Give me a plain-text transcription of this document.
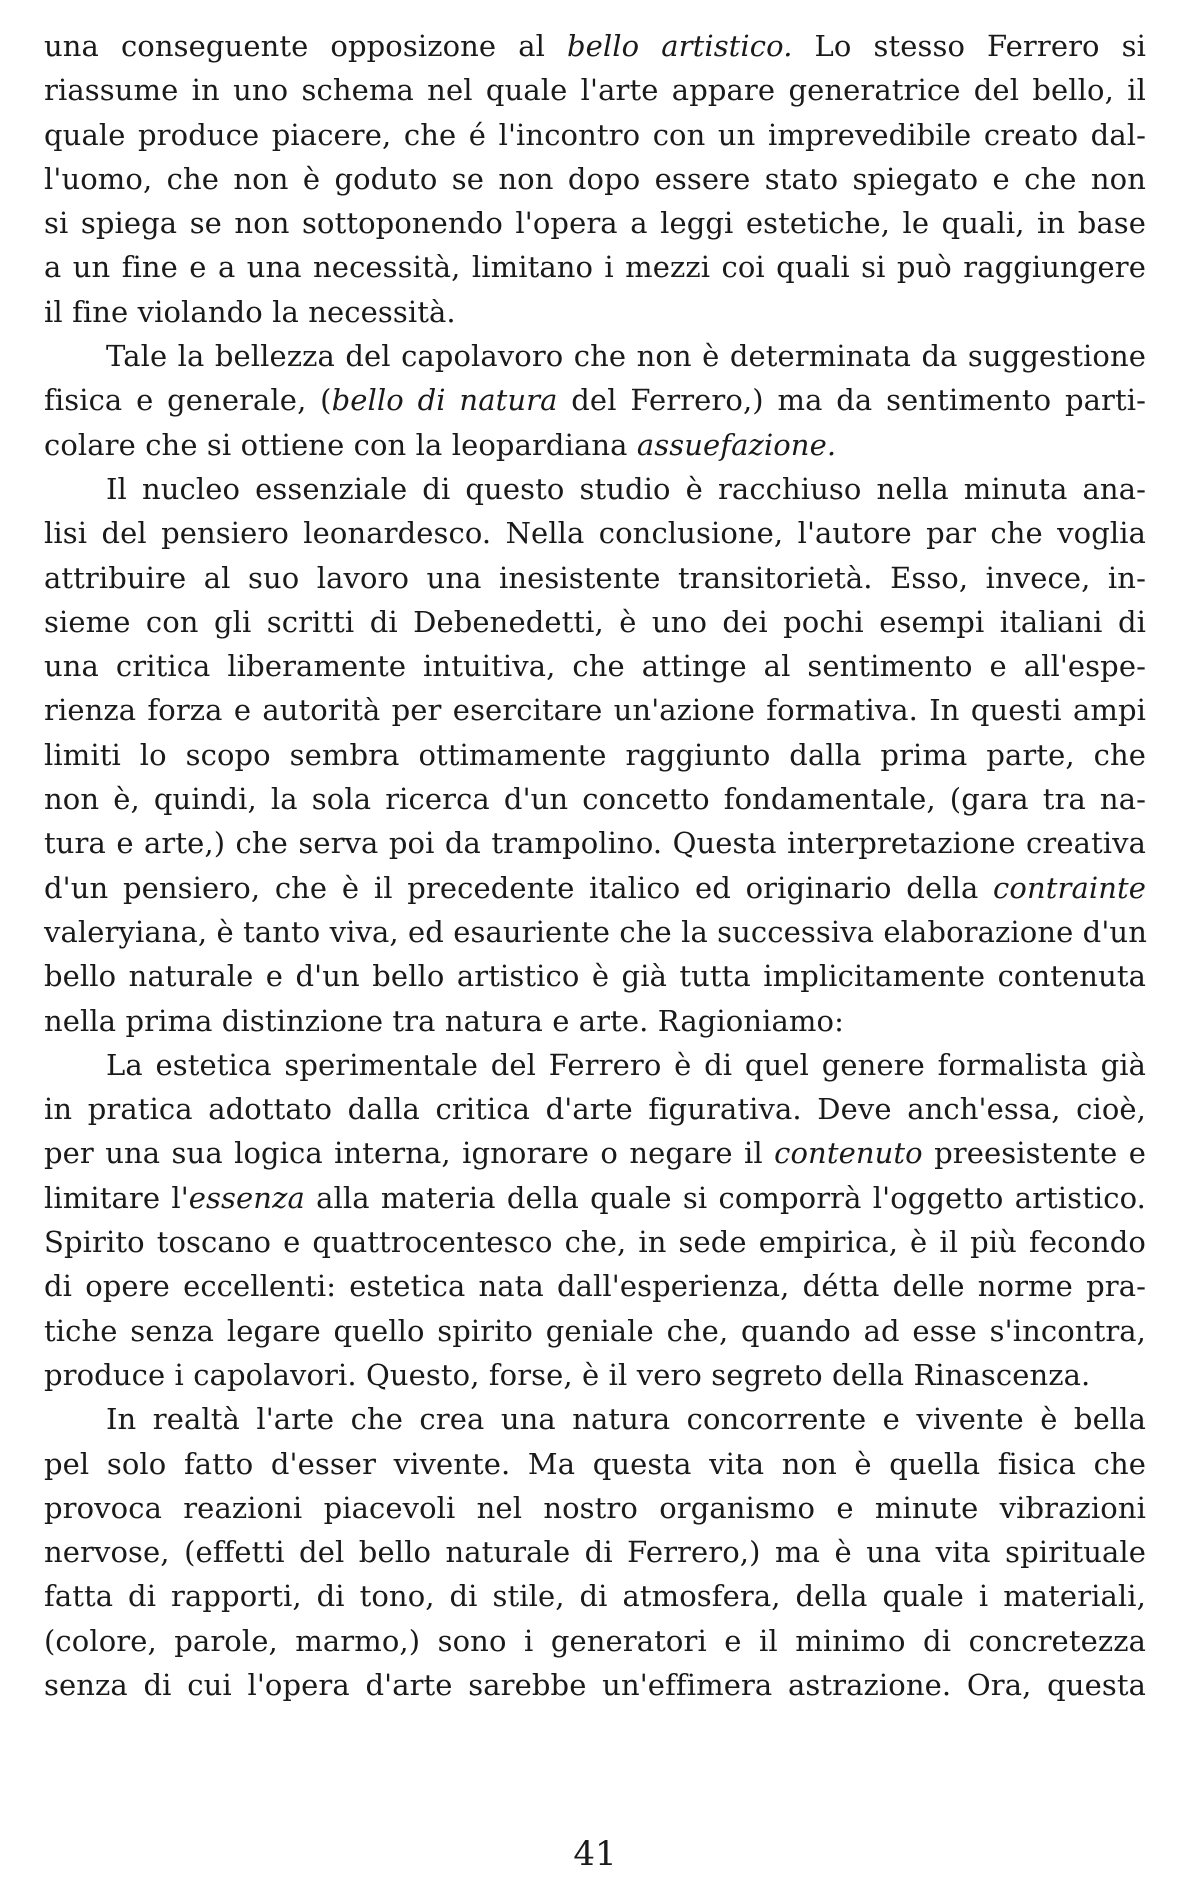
una conseguente opposizone al bello artistico. Lo stesso Ferrero si
riassume in uno schema nel quale l'arte appare generatrice del bello, il
quale produce piacere, che é l'incontro con un imprevedibile creato dal-
l'uomo, che non è goduto se non dopo essere stato spiegato e che non
si spiega se non sottoponendo l'opera a leggi estetiche, le quali, in base
a un fine e a una necessità, limitano i mezzi coi quali si può raggiungere
il fine violando la necessità.
Tale la bellezza del capolavoro che non è determinata da suggestione
fisica e generale, (bello di natura del Ferrero,) ma da sentimento parti-
colare che si ottiene con la leopardiana assuefazione.
Il nucleo essenziale di questo studio è racchiuso nella minuta ana-
lisi del pensiero leonardesco. Nella conclusione, l'autore par che voglia
attribuire al suo lavoro una inesistente transitorietà. Esso, invece, in-
sieme con gli scritti di Debenedetti, è uno dei pochi esempi italiani di
una critica liberamente intuitiva, che attinge al sentimento e all'espe-
rienza forza e autorità per esercitare un'azione formativa. In questi ampi
limiti lo scopo sembra ottimamente raggiunto dalla prima parte, che
non è, quindi, la sola ricerca d'un concetto fondamentale, (gara tra na-
tura e arte,) che serva poi da trampolino. Questa interpretazione creativa
d'un pensiero, che è il precedente italico ed originario della contrainte
valeryiana, è tanto viva, ed esauriente che la successiva elaborazione d'un
bello naturale e d'un bello artistico è già tutta implicitamente contenuta
nella prima distinzione tra natura e arte. Ragioniamo:
La estetica sperimentale del Ferrero è di quel genere formalista già
in pratica adottato dalla critica d'arte figurativa. Deve anch'essa, cioè,
per una sua logica interna, ignorare o negare il contenuto preesistente e
limitare l'essenza alla materia della quale si comporrà l'oggetto artistico.
Spirito toscano e quattrocentesco che, in sede empirica, è il più fecondo
di opere eccellenti: estetica nata dall'esperienza, détta delle norme pra-
tiche senza legare quello spirito geniale che, quando ad esse s'incontra,
produce i capolavori. Questo, forse, è il vero segreto della Rinascenza.
In realtà l'arte che crea una natura concorrente e vivente è bella
pel solo fatto d'esser vivente. Ma questa vita non è quella fisica che
provoca reazioni piacevoli nel nostro organismo e minute vibrazioni
nervose, (effetti del bello naturale di Ferrero,) ma è una vita spirituale
fatta di rapporti, di tono, di stile, di atmosfera, della quale i materiali,
(colore, parole, marmo,) sono i generatori e il minimo di concretezza
senza di cui l'opera d'arte sarebbe un'effimera astrazione. Ora, questa
41
